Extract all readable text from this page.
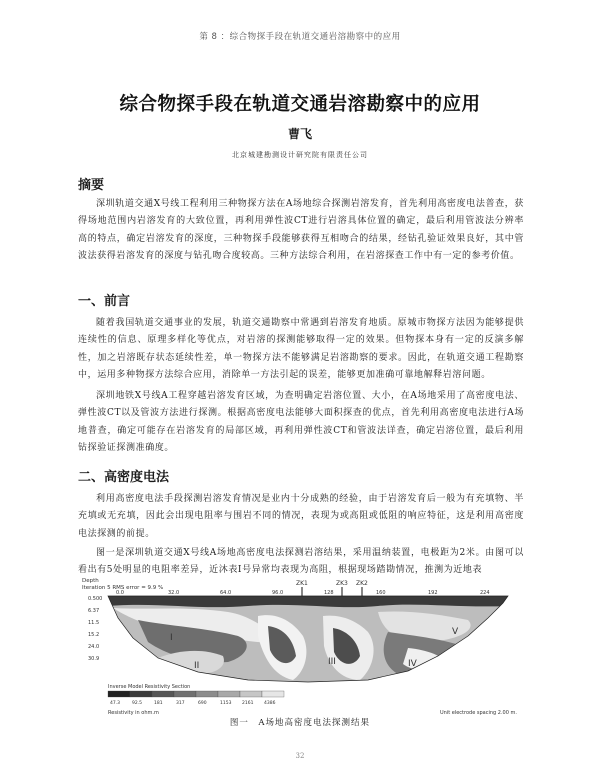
第 8 ：综合物探手段在轨道交通岩溶勘察中的应用
综合物探手段在轨道交通岩溶勘察中的应用
曹飞
北京城建勘测设计研究院有限责任公司
摘要

深圳轨道交通X号线工程利用三种物探方法在A场地综合探测岩溶发育，首先利用高密度电法普查，获得场地范围内岩溶发育的大致位置，再利用弹性波CT进行岩溶具体位置的确定，最后利用管波法分辨率高的特点，确定岩溶发育的深度，三种物探手段能够获得互相吻合的结果，经钻孔验证效果良好，其中管波法获得岩溶发育的深度与钻孔吻合度较高。三种方法综合利用，在岩溶探查工作中有一定的参考价值。

一、前言

随着我国轨道交通事业的发展，轨道交通勘察中常遇到岩溶发育地质。原城市物探方法因为能够提供连续性的信息、原理多样化等优点，对岩溶的探测能够取得一定的效果。但物探本身有一定的反演多解性，加之岩溶既存状态延续性差，单一物探方法不能够满足岩溶勘察的要求。因此，在轨道交通工程勘察中，运用多种物探方法综合应用，消除单一方法引起的误差，能够更加准确可靠地解释岩溶问题。

深圳地铁X号线A工程穿越岩溶发育区域，为查明确定岩溶位置、大小，在A场地采用了高密度电法、弹性波CT以及管波方法进行探测。根据高密度电法能够大面积探查的优点，首先利用高密度电法进行A场地普查，确定可能存在岩溶发育的局部区域，再利用弹性波CT和管波法详查，确定岩溶位置，最后利用钻探验证探测准确度。

二、高密度电法

利用高密度电法手段探测岩溶发育情况是业内十分成熟的经验，由于岩溶发育后一般为有充填物、半充填或无充填，因此会出现电阻率与围岩不同的情况，表现为或高阻或低阻的响应特征，这是利用高密度电法探测的前提。

图一是深圳轨道交通X号线A场地高密度电法探测岩溶结果，采用温纳装置，电极距为2米。由图可以看出有5处明显的电阻率差异，近沐表Ⅰ号异常均表现为高阻，根据现场踏勘情况，推测为近地表

Depth
Iteration 5 RMS error = 9.9 %
ZK1	ZK3 ZK2
0.0	32.0	64.0	96.0	128	160	192	224
0.500
6.37
11.5
15.2
24.0
30.9
I
II	III	IV
V
Inverse Model Resistivity Section
47.3	92.5	181	317	690	1153 2161 4386
Resistivity in ohm.m	Unit electrode spacing 2.00 m.
图一　A场地高密度电法探测结果
32
